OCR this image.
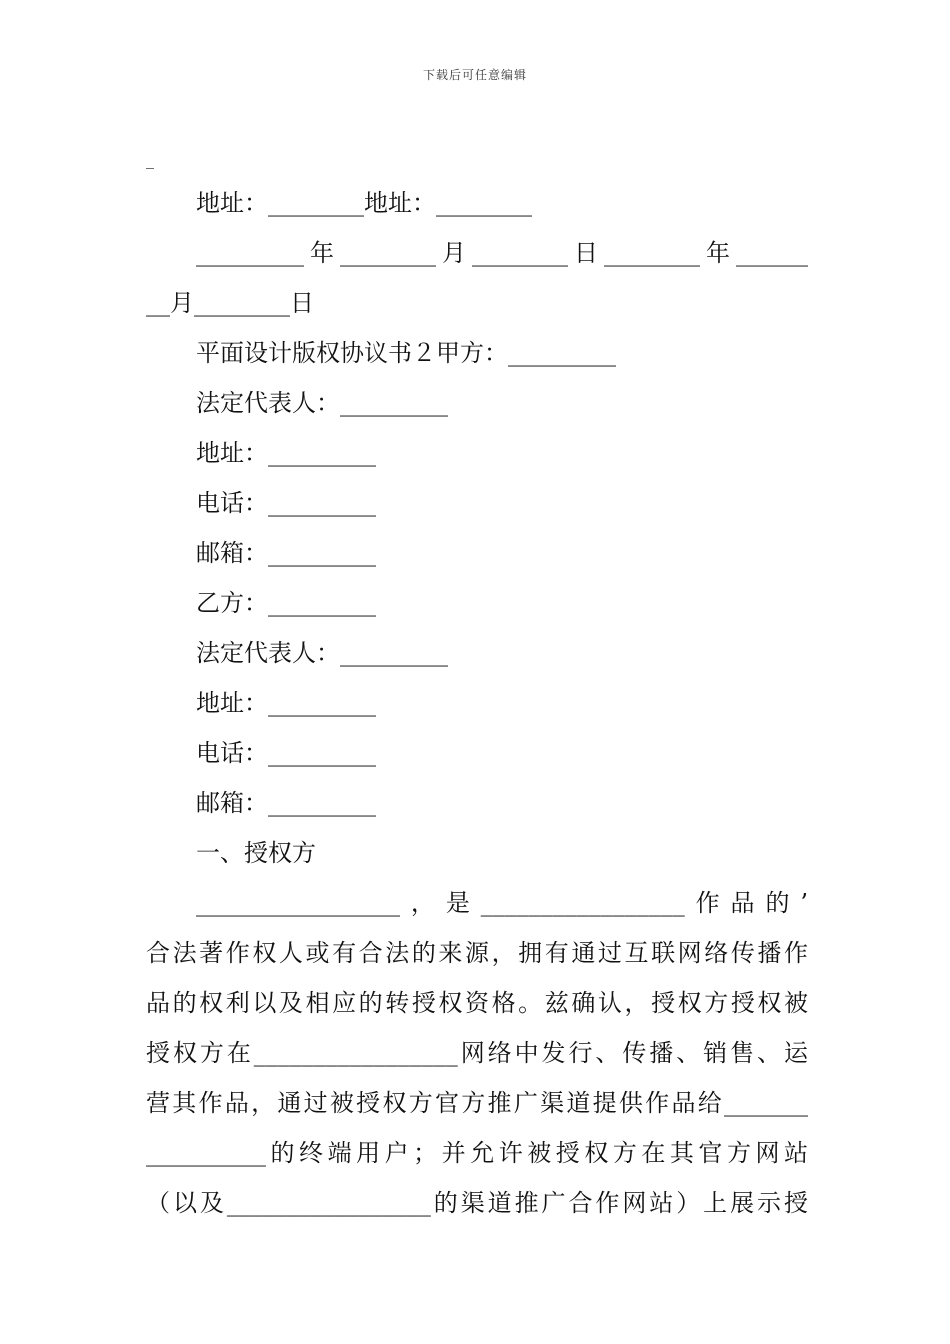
下载后可任意编辑
_
地址：________地址：________
_________年________月________日________年______
__月________日
平面设计版权协议书２甲方：_________
法定代表人：_________
地址：_________
电话：_________
邮箱：_________
乙方：_________
法定代表人：_________
地址：_________
电话：_________
邮箱：_________
一、授权方
_________________，是_________________作品的’
合法著作权人或有合法的来源，拥有通过互联网络传播作
品的权利以及相应的转授权资格。兹确认，授权方授权被
授权方在_________________网络中发行、传播、销售、运
营其作品，通过被授权方官方推广渠道提供作品给_______
__________的终端用户；并允许被授权方在其官方网站
（以及_________________的渠道推广合作网站）上展示授
